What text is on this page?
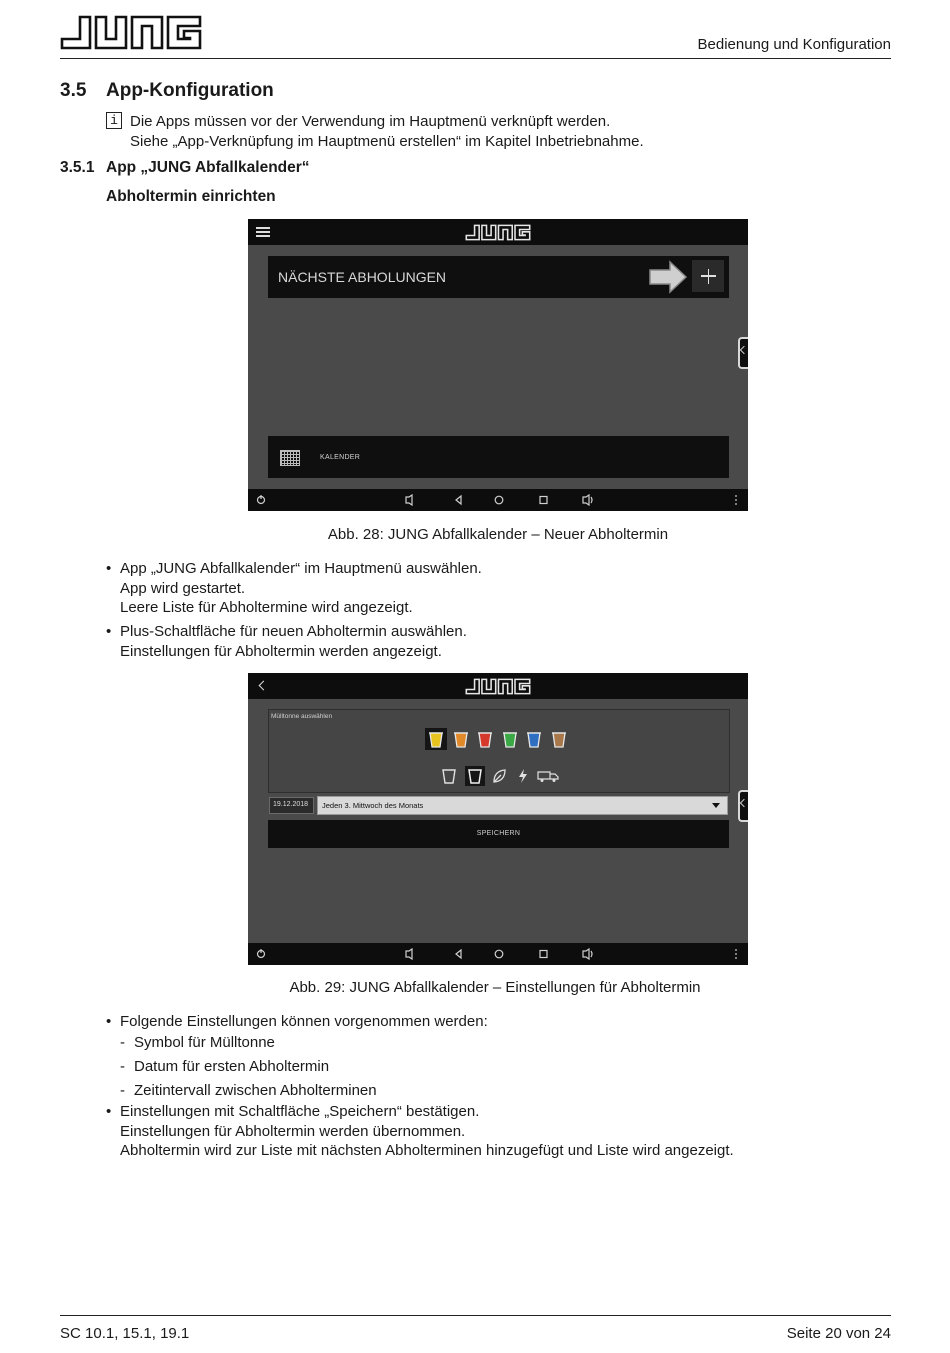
Bedienung und Konfiguration
3.5 App-Konfiguration
i Die Apps müssen vor der Verwendung im Hauptmenü verknüpft werden.
Siehe „App-Verknüpfung im Hauptmenü erstellen“ im Kapitel Inbetriebnahme.
3.5.1 App „JUNG Abfallkalender“
Abholtermin einrichten
NÄCHSTE ABHOLUNGEN
KALENDER
Abb. 28: JUNG Abfallkalender – Neuer Abholtermin
• App „JUNG Abfallkalender“ im Hauptmenü auswählen.
App wird gestartet.
Leere Liste für Abholtermine wird angezeigt.
• Plus-Schaltfläche für neuen Abholtermin auswählen.
Einstellungen für Abholtermin werden angezeigt.
Mülltonne auswählen
19.12.2018 Jeden 3. Mittwoch des Monats
SPEICHERN
Abb. 29: JUNG Abfallkalender – Einstellungen für Abholtermin
• Folgende Einstellungen können vorgenommen werden:
- Symbol für Mülltonne
- Datum für ersten Abholtermin
- Zeitintervall zwischen Abholterminen
• Einstellungen mit Schaltfläche „Speichern“ bestätigen.
Einstellungen für Abholtermin werden übernommen.
Abholtermin wird zur Liste mit nächsten Abholterminen hinzugefügt und Liste wird angezeigt.
SC 10.1, 15.1, 19.1	Seite 20 von 24
